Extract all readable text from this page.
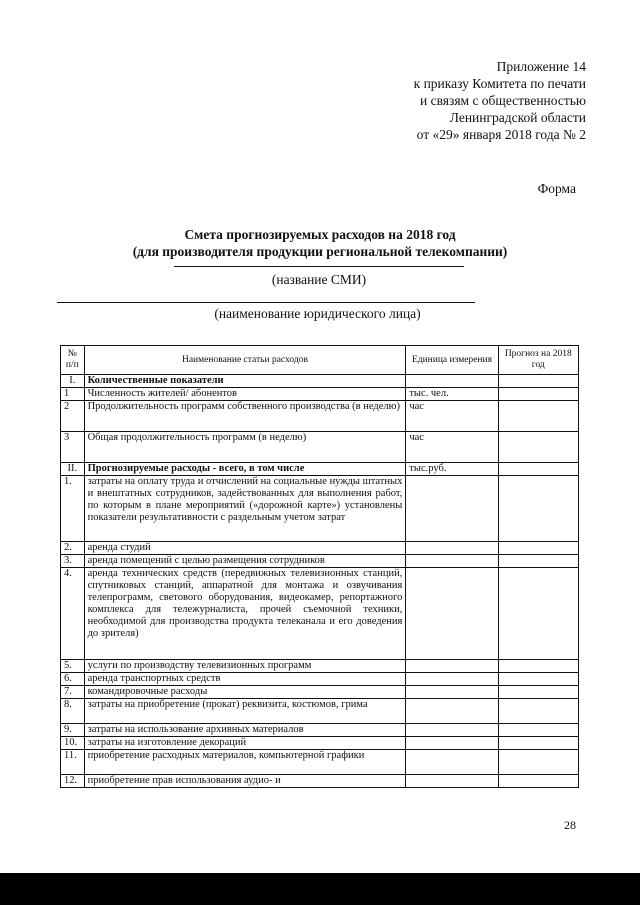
Приложение 14
к приказу Комитета по печати
и связям с общественностью
Ленинградской области
от «29» января 2018 года № 2
Форма
Смета прогнозируемых расходов на 2018 год
(для производителя продукции региональной телекомпании)
(название СМИ)
(наименование юридического лица)
№ п/п	Наименование статьи расходов	Единица измерения	Прогноз на 2018 год
I.	Количественные показатели		
1	Численность жителей/ абонентов	тыс. чел.	
2	Продолжительность программ собственного производства (в неделю)	час	
3	Общая продолжительность программ (в неделю)	час	
II.	Прогнозируемые расходы - всего, в том числе	тыс.руб.	
1.	затраты на оплату труда и отчислений на социальные нужды штатных и внештатных сотрудников, задействованных для выполнения работ, по которым в плане мероприятий («дорожной карте») установлены показатели результативности с раздельным учетом затрат		
2.	аренда студий		
3.	аренда помещений с целью размещения сотрудников		
4.	аренда технических средств (передвижных телевизионных станций, спутниковых станций, аппаратной для монтажа и озвучивания телепрограмм, светового оборудования, видеокамер, репортажного комплекса для тележурналиста, прочей съемочной техники, необходимой для производства продукта телеканала и его доведения до зрителя)		
5.	услуги по производству телевизионных программ		
6.	аренда транспортных средств		
7.	командировочные расходы		
8.	затраты на приобретение (прокат) реквизита, костюмов, грима		
9.	затраты на использование архивных материалов		
10.	затраты на изготовление декораций		
11.	приобретение расходных материалов, компьютерной графики		
12.	приобретение прав использования аудио- и		
28
